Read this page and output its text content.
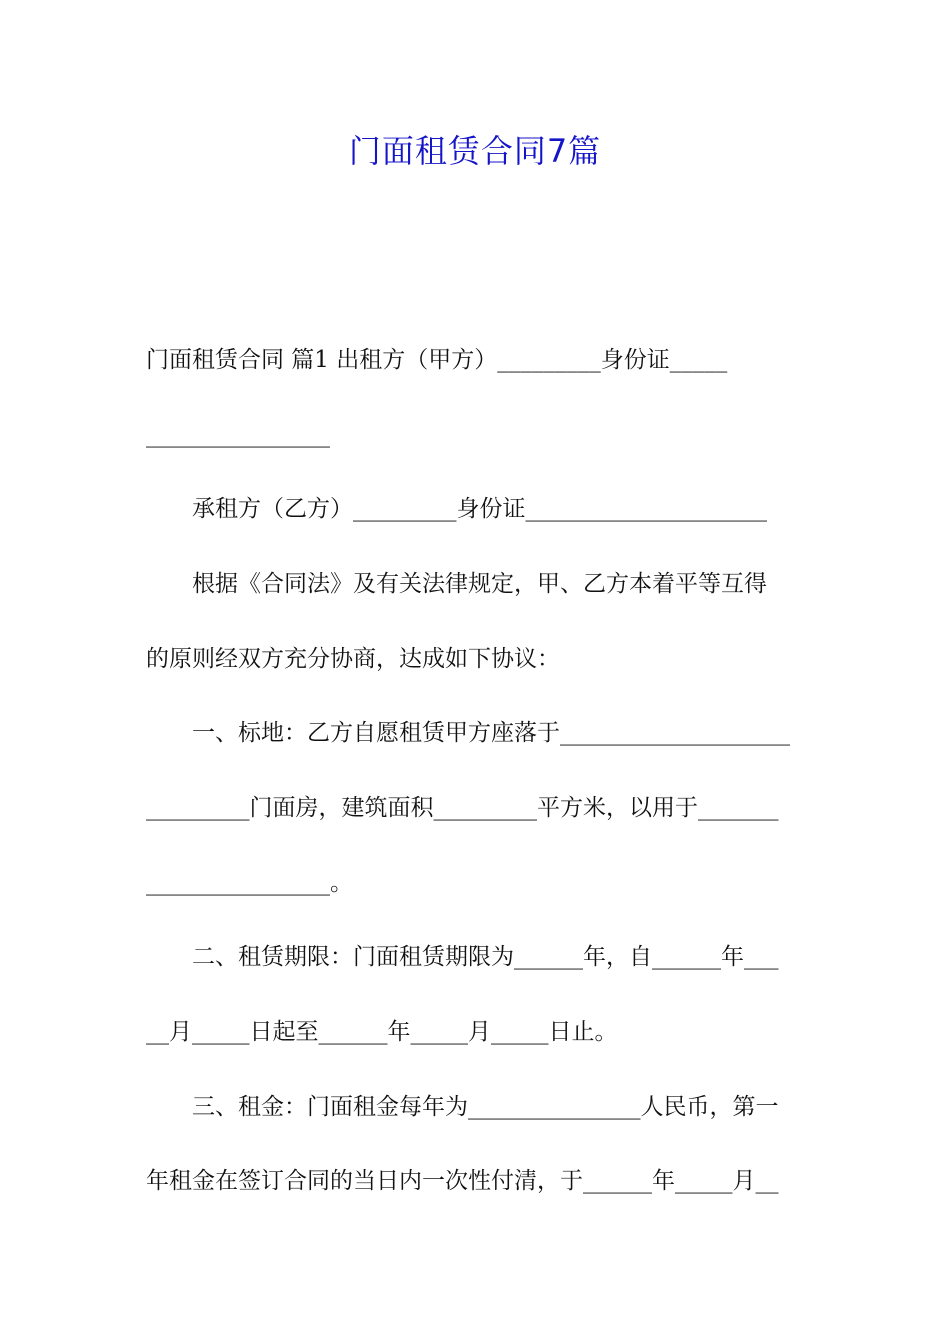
门面租赁合同7篇

门面租赁合同 篇1 出租方（甲方）_________身份证_____

________________

承租方（乙方）_________身份证_____________________

根据《合同法》及有关法律规定，甲、乙方本着平等互得

的原则经双方充分协商，达成如下协议：

一、标地：乙方自愿租赁甲方座落于____________________

_________门面房，建筑面积_________平方米，以用于_______

________________。

二、租赁期限：门面租赁期限为______年，自______年___

__月_____日起至______年_____月_____日止。

三、租金：门面租金每年为_______________人民币，第一

年租金在签订合同的当日内一次性付清，于______年_____月__
